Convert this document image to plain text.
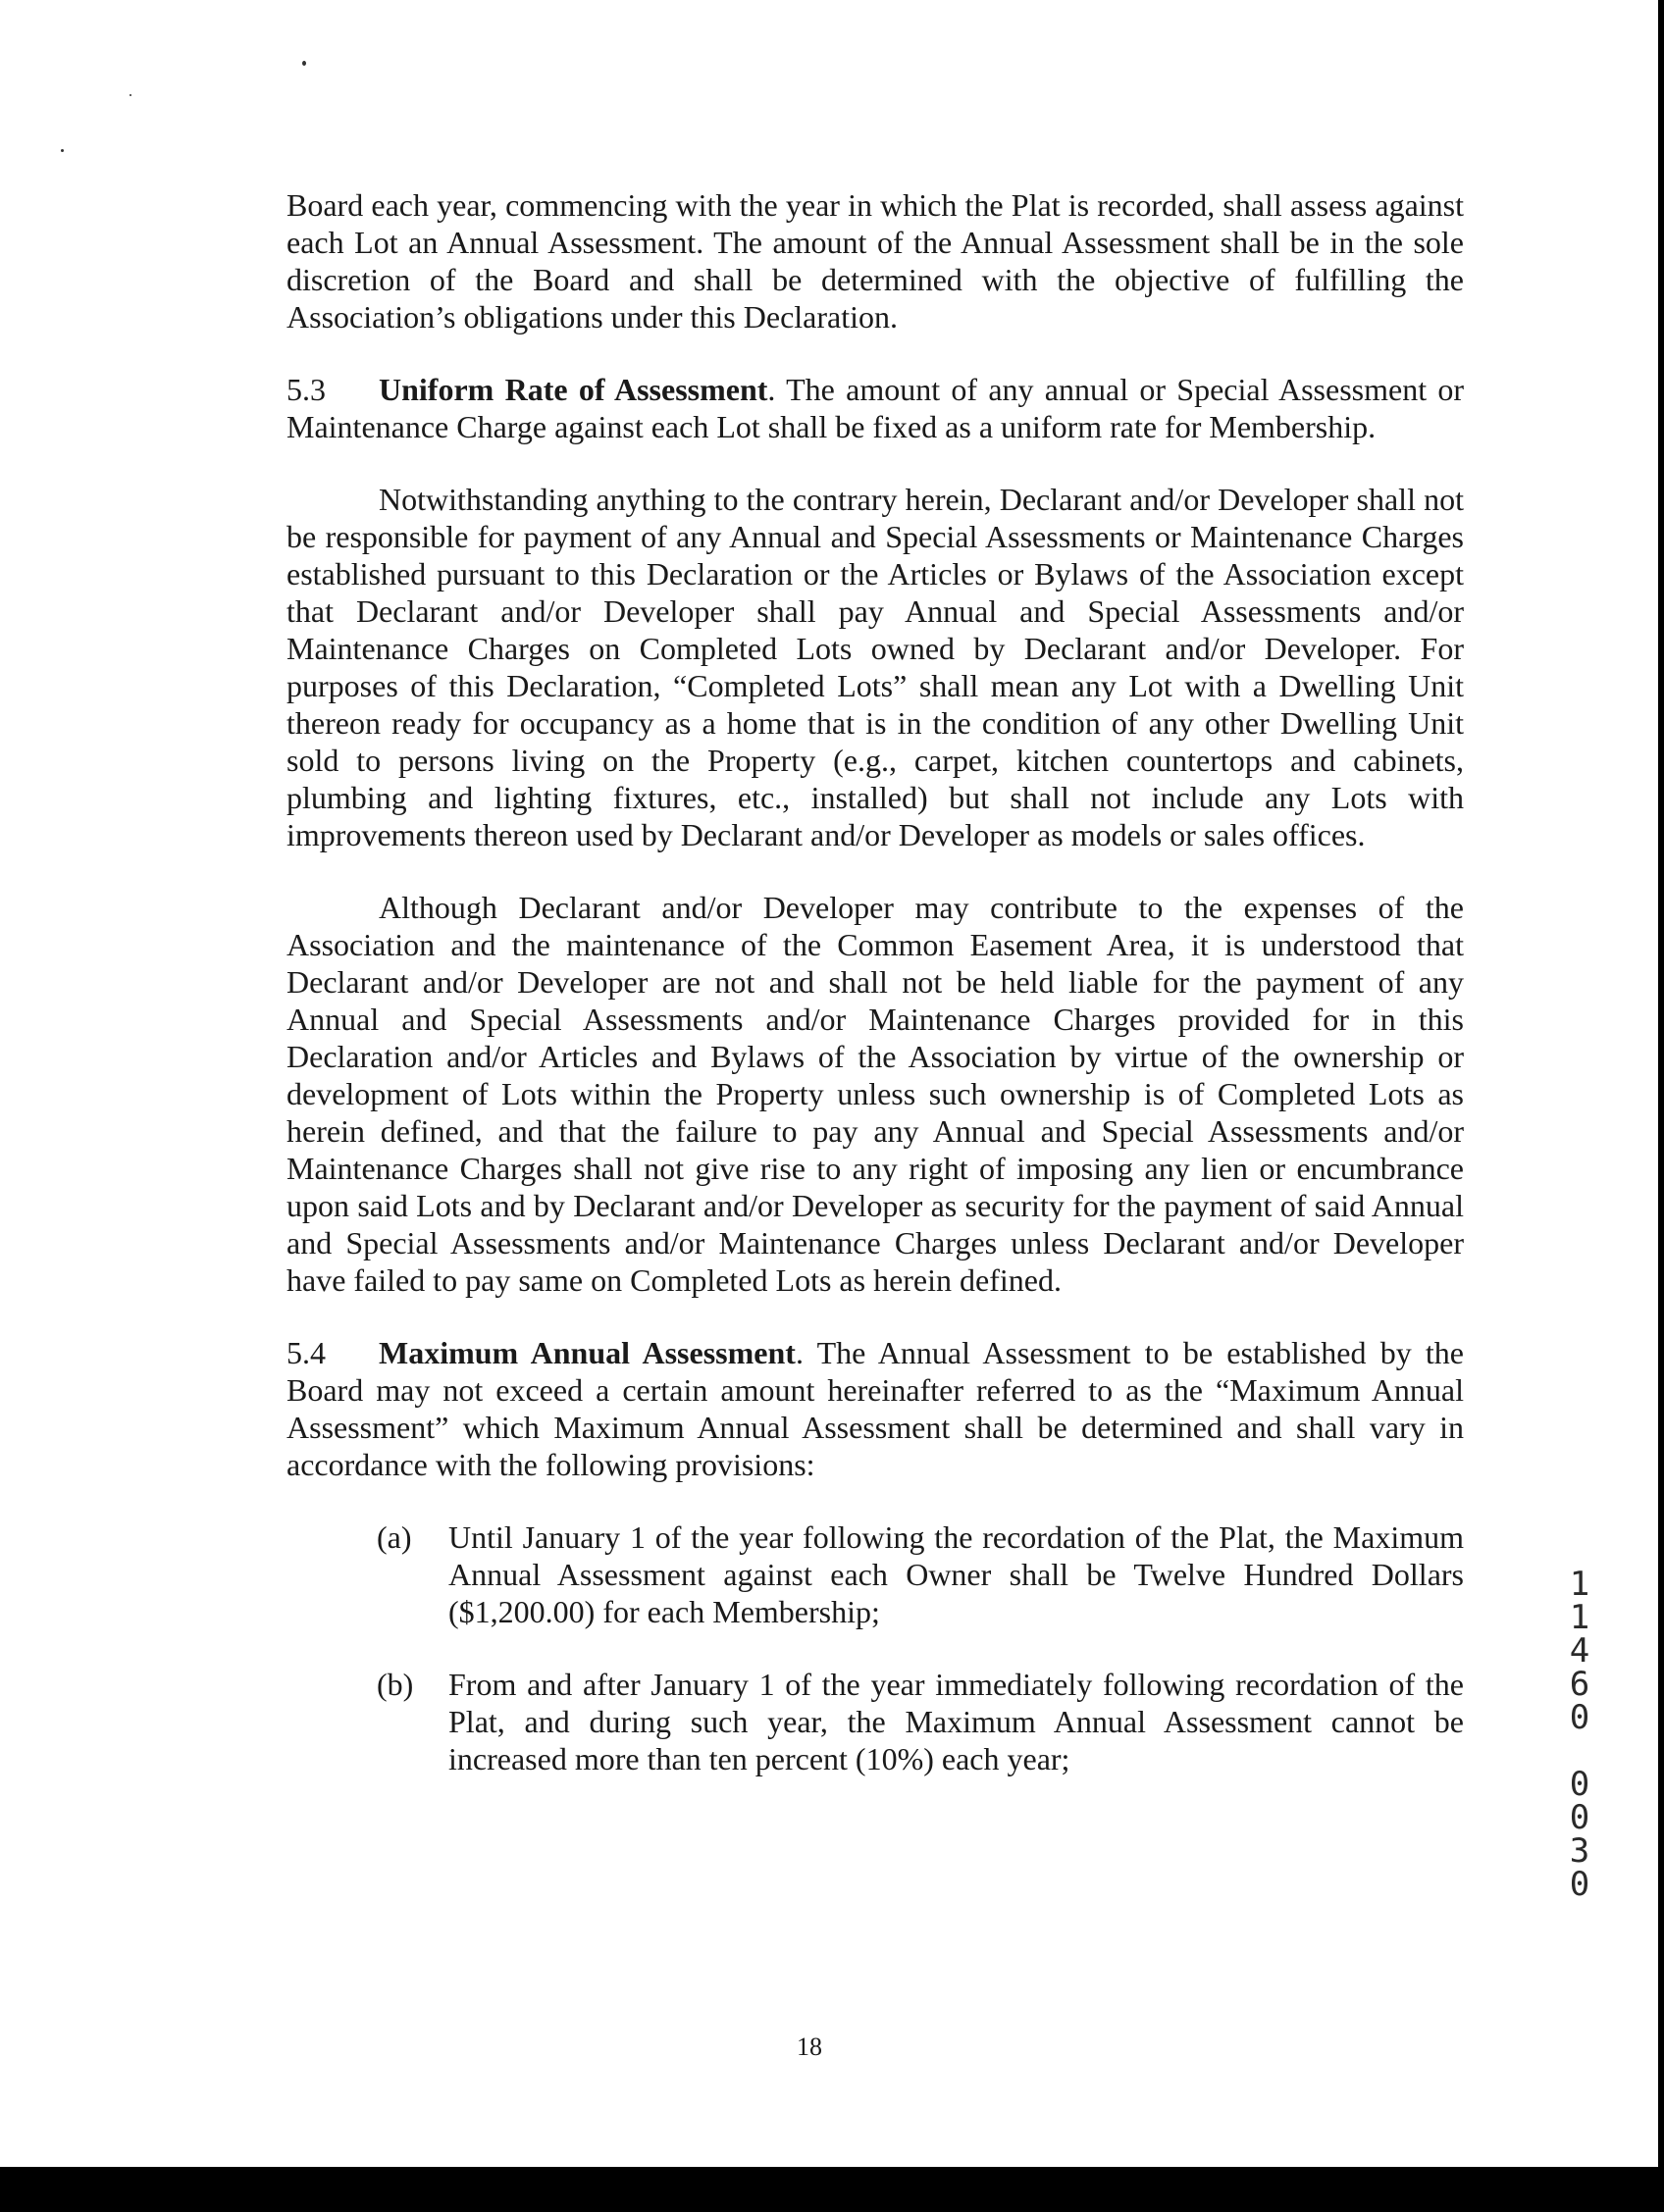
Board each year, commencing with the year in which the Plat is recorded, shall assess against each Lot an Annual Assessment. The amount of the Annual Assessment shall be in the sole discretion of the Board and shall be determined with the objective of fulfilling the Association’s obligations under this Declaration.

5.3 Uniform Rate of Assessment. The amount of any annual or Special Assessment or Maintenance Charge against each Lot shall be fixed as a uniform rate for Membership.

Notwithstanding anything to the contrary herein, Declarant and/or Developer shall not be responsible for payment of any Annual and Special Assessments or Maintenance Charges established pursuant to this Declaration or the Articles or Bylaws of the Association except that Declarant and/or Developer shall pay Annual and Special Assessments and/or Maintenance Charges on Completed Lots owned by Declarant and/or Developer. For purposes of this Declaration, “Completed Lots” shall mean any Lot with a Dwelling Unit thereon ready for occupancy as a home that is in the condition of any other Dwelling Unit sold to persons living on the Property (e.g., carpet, kitchen countertops and cabinets, plumbing and lighting fixtures, etc., installed) but shall not include any Lots with improvements thereon used by Declarant and/or Developer as models or sales offices.

Although Declarant and/or Developer may contribute to the expenses of the Association and the maintenance of the Common Easement Area, it is understood that Declarant and/or Developer are not and shall not be held liable for the payment of any Annual and Special Assessments and/or Maintenance Charges provided for in this Declaration and/or Articles and Bylaws of the Association by virtue of the ownership or development of Lots within the Property unless such ownership is of Completed Lots as herein defined, and that the failure to pay any Annual and Special Assessments and/or Maintenance Charges shall not give rise to any right of imposing any lien or encumbrance upon said Lots and by Declarant and/or Developer as security for the payment of said Annual and Special Assessments and/or Maintenance Charges unless Declarant and/or Developer have failed to pay same on Completed Lots as herein defined.

5.4 Maximum Annual Assessment. The Annual Assessment to be established by the Board may not exceed a certain amount hereinafter referred to as the “Maximum Annual Assessment” which Maximum Annual Assessment shall be determined and shall vary in accordance with the following provisions:

(a) Until January 1 of the year following the recordation of the Plat, the Maximum Annual Assessment against each Owner shall be Twelve Hundred Dollars ($1,200.00) for each Membership;
(b) From and after January 1 of the year immediately following recordation of the Plat, and during such year, the Maximum Annual Assessment cannot be increased more than ten percent (10%) each year;
11460
0030
18
